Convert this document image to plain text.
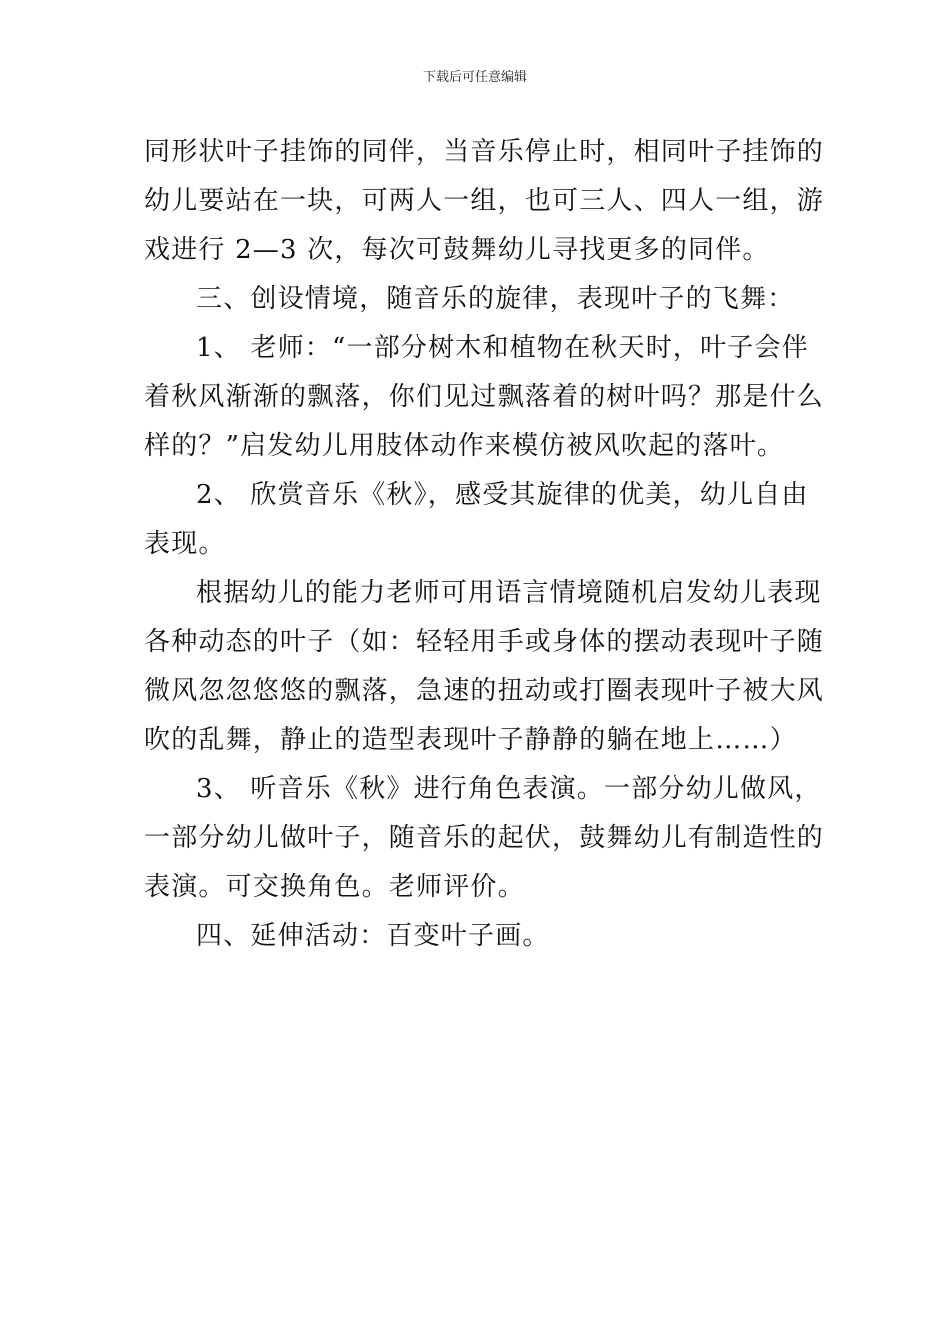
下载后可任意编辑
同形状叶子挂饰的同伴，当音乐停止时，相同叶子挂饰的
幼儿要站在一块，可两人一组，也可三人、四人一组，游
戏进行 2—3 次，每次可鼓舞幼儿寻找更多的同伴。
三、创设情境，随音乐的旋律，表现叶子的飞舞：
1、 老师：“一部分树木和植物在秋天时，叶子会伴
着秋风渐渐的飘落，你们见过飘落着的树叶吗？那是什么
样的？”启发幼儿用肢体动作来模仿被风吹起的落叶。
2、 欣赏音乐《秋》，感受其旋律的优美，幼儿自由
表现。
根据幼儿的能力老师可用语言情境随机启发幼儿表现
各种动态的叶子（如：轻轻用手或身体的摆动表现叶子随
微风忽忽悠悠的飘落，急速的扭动或打圈表现叶子被大风
吹的乱舞，静止的造型表现叶子静静的躺在地上……）
3、 听音乐《秋》进行角色表演。一部分幼儿做风，
一部分幼儿做叶子，随音乐的起伏，鼓舞幼儿有制造性的
表演。可交换角色。老师评价。
四、延伸活动：百变叶子画。
